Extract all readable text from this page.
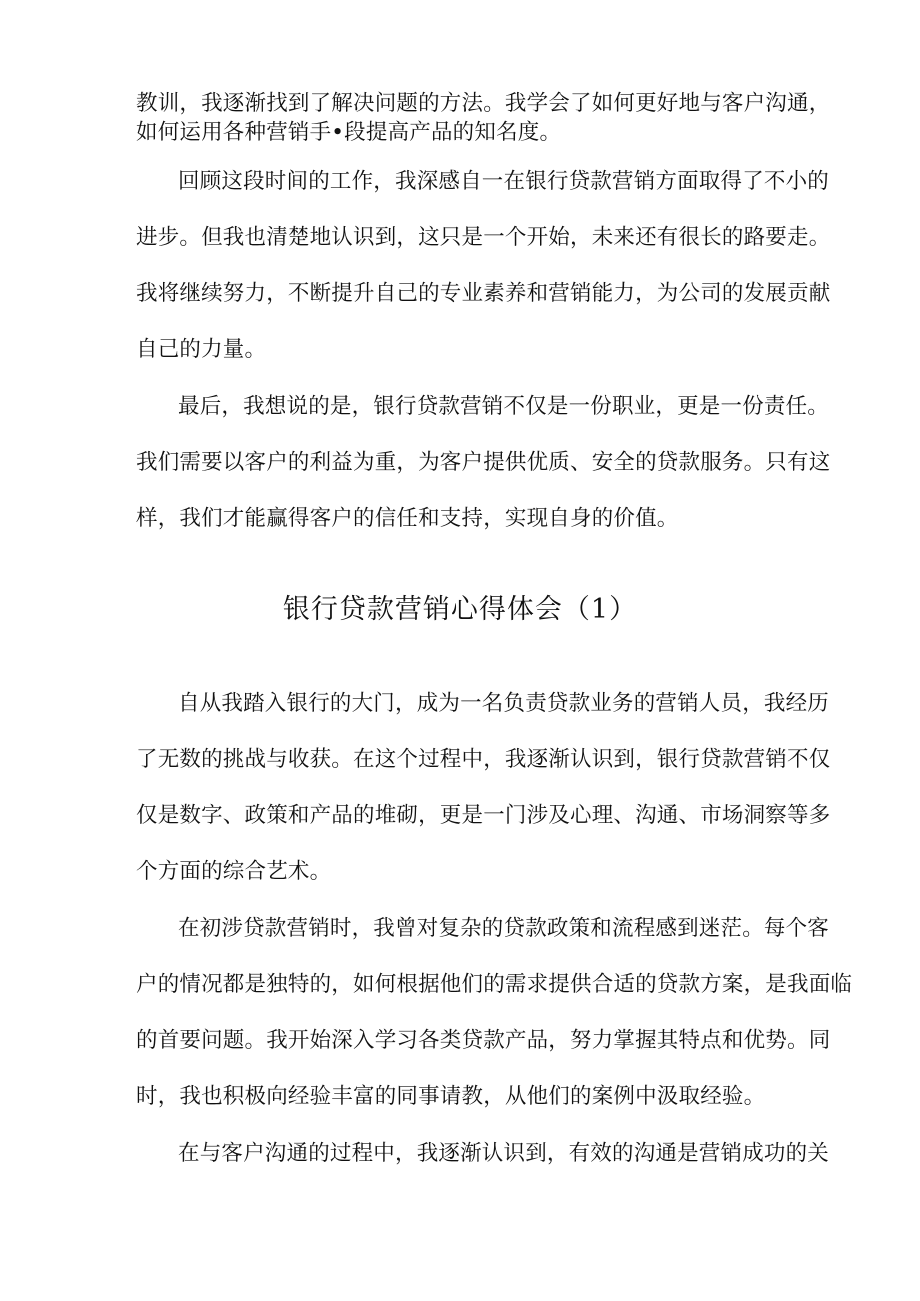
教训，我逐渐找到了解决问题的方法。我学会了如何更好地与客户沟通，
如何运用各种营销手•段提高产品的知名度。
回顾这段时间的工作，我深感自一在银行贷款营销方面取得了不小的
进步。但我也清楚地认识到，这只是一个开始，未来还有很长的路要走。
我将继续努力，不断提升自己的专业素养和营销能力，为公司的发展贡献
自己的力量。
最后，我想说的是，银行贷款营销不仅是一份职业，更是一份责任。
我们需要以客户的利益为重，为客户提供优质、安全的贷款服务。只有这
样，我们才能赢得客户的信任和支持，实现自身的价值。
银行贷款营销心得体会（1）
自从我踏入银行的大门，成为一名负责贷款业务的营销人员，我经历
了无数的挑战与收获。在这个过程中，我逐渐认识到，银行贷款营销不仅
仅是数字、政策和产品的堆砌，更是一门涉及心理、沟通、市场洞察等多
个方面的综合艺术。
在初涉贷款营销时，我曾对复杂的贷款政策和流程感到迷茫。每个客
户的情况都是独特的，如何根据他们的需求提供合适的贷款方案，是我面临
的首要问题。我开始深入学习各类贷款产品，努力掌握其特点和优势。同
时，我也积极向经验丰富的同事请教，从他们的案例中汲取经验。
在与客户沟通的过程中，我逐渐认识到，有效的沟通是营销成功的关
